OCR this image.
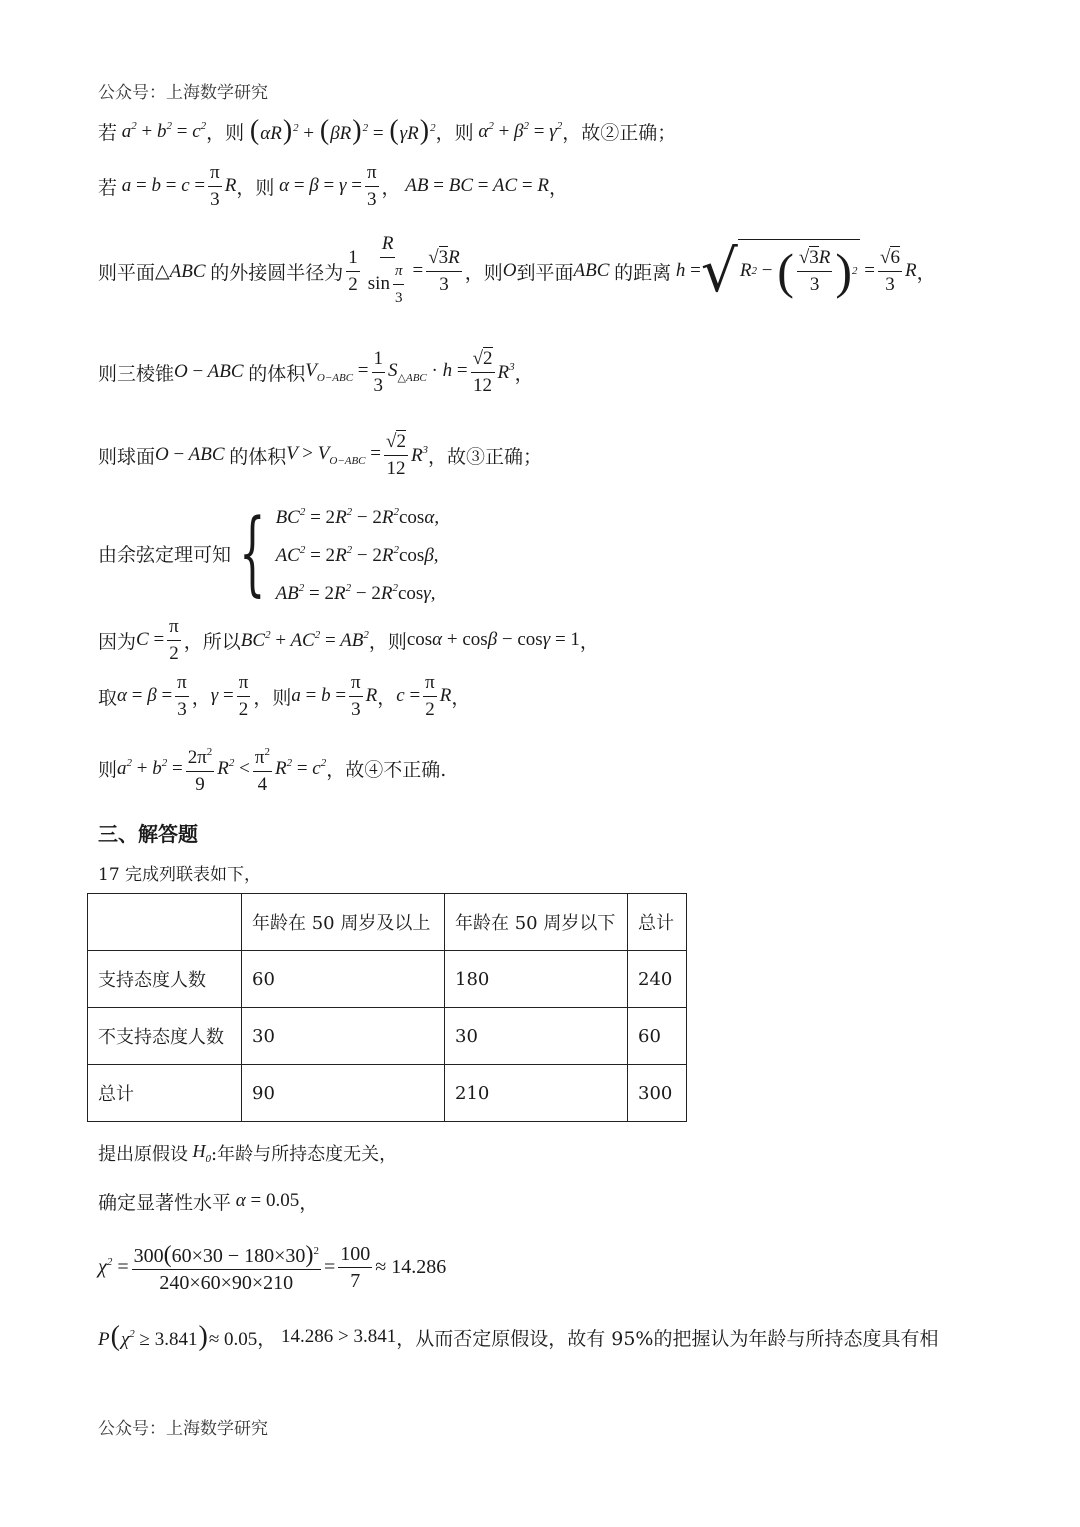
公众号：上海数学研究
若 $a^2 + b^2 = c^2$ ，则 $(\alpha R)^2 + (\beta R)^2 = (\gamma R)^2$ ，则 $\alpha^2 + \beta^2 = \gamma^2$ ，故②正确；
若 $a = b = c = \frac{\pi}{3}$ R ，则 $\alpha = \beta = \gamma = \frac{\pi}{3}$ ， AB = BC = AC = R ，
则平面 △ABC 的外接圆半径为 $\frac{1}{2} \frac{R}{\sin \frac{\pi}{3}} = \frac{√3R}{3}$ ，则 O 到平面 ABC 的距离 h = √ R 2
−
( $\frac{√3R}{3}$ ) $2 = \frac{√6}{3}$ R ，
则三棱锥 O − ABC 的体积 $V_{O-ABC} = \frac{1}{3} S_{\triangle ABC} \cdot h = \frac{√2}{12} R^3$ ，
则球面 O − ABC 的体积 $V > V_{O-ABC} = \frac{√2}{12} R^3$ ，故③正确；
由余弦定理可知 { $BC^2 = 2R^2 - 2R^2\cos\alpha$,
$AC^2 = 2R^2 - 2R^2\cos\beta$,
$AB^2 = 2R^2 - 2R^2\cos\gamma$,
因为 $C = \frac{\pi}{2}$ ，所以 $BC^2 + AC^2 = AB^2$ ，则 cosα + cosβ − cosγ = 1 ，
取 $\alpha = \beta = \frac{\pi}{3}$ ， $\gamma = \frac{\pi}{2}$ ，则 $a = b = \frac{\pi}{3}$ R ， $c = \frac{\pi}{2}$ R ，
则 $a^2 + b^2 = \frac{2\pi^2}{9} R^2 < \frac{\pi^2}{4} R^2 = c^2$ ，故④不正确.
三、解答题
17 完成列联表如下，
	年龄在 50 周岁及以上	年龄在 50 周岁以下	总计
支持态度人数	60	180	240
不支持态度人数	30	30	60
总计	90	210	300
提出原假设 $H_0$ :年龄与所持态度无关，
确定显著性水平 α = 0.05 ，
$\chi^2 = \frac{300(60\times 30 - 180\times 30)^2}{240\times 60\times 90\times 210} = \frac{100}{7} \approx 14.286$
$P(\chi^2 \ge 3.841) \approx 0.05$，
14.286 > 3.841 ，从而否定原假设，故有 95%的把握认为年龄与所持态度具有相
公众号：上海数学研究
